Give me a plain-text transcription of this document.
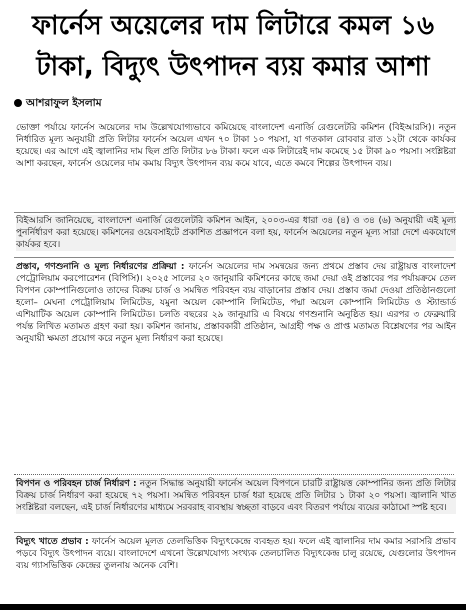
ফার্নেস অয়েলের দাম লিটারে কমল ১৬
টাকা, বিদ্যুৎ উৎপাদন ব্যয় কমার আশা
আশরাফুল ইসলাম
ভোক্তা পর্যায়ে ফার্নেস অয়েলের দাম উল্লেখযোগ্যভাবে কমিয়েছে বাংলাদেশ এনার্জি রেগুলেটরি কমিশন (বিইআরসি)। নতুন নির্ধারিত মূল্য অনুযায়ী প্রতি লিটার ফার্নেস অয়েল এখন ৭০ টাকা ১০ পয়সা, যা গতকাল রোববার রাত ১২টা থেকে কার্যকর হয়েছে। এর আগে এই জ্বালানির দাম ছিল প্রতি লিটার ৮৬ টাকা। ফলে এক লিটারেই দাম কমেছে ১৫ টাকা ৯০ পয়সা। সংশ্লিষ্টরা আশা করছেন, ফার্নেস ওয়েলের দাম কমায় বিদ্যুৎ উৎপাদন ব্যয় কমে যাবে, এতে কমবে শিল্পের উৎপাদন ব্যয়।
বিইআরসি জানিয়েছে, বাংলাদেশ এনার্জি রেগুলেটরি কমিশন আইন, ২০০৩-এর ধারা ৩৪ (৪) ও ৩৪ (৬) অনুযায়ী এই মূল্য পুনর্নির্ধারণ করা হয়েছে। কমিশনের ওয়েবসাইটে প্রকাশিত প্রজ্ঞাপনে বলা হয়, ফার্নেস অয়েলের নতুন মূল্য সারা দেশে একযোগে কার্যকর হবে।
প্রস্তাব, গণশুনানি ও মূল্য নির্ধারণের প্রক্রিয়া : ফার্নেস অয়েলের দাম সমন্বয়ের জন্য প্রথমে প্রস্তাব দেয় রাষ্ট্রায়ত্ত বাংলাদেশ পেট্রোলিয়াম করপোরেশন (বিপিসি)। ২০২৫ সালের ২০ জানুয়ারি কমিশনের কাছে জমা দেয়া ওই প্রস্তাবের পর পর্যায়ক্রমে তেল বিপণন কোম্পানিগুলোও তাদের বিক্রয় চার্জ ও সমন্বিত পরিবহন ব্যয় বাড়ানোর প্রস্তাব দেয়। প্রস্তাব জমা দেওয়া প্রতিষ্ঠানগুলো হলো– মেঘনা পেট্রোলিয়াম লিমিটেড, যমুনা অয়েল কোম্পানি লিমিটেড, পদ্মা অয়েল কোম্পানি লিমিটেড ও স্ট্যান্ডার্ড এশিয়াটিক অয়েল কোম্পানি লিমিটেড। চলতি বছরের ২৯ জানুয়ারি এ বিষয়ে গণশুনানি অনুষ্ঠিত হয়। এরপর ৩ ফেব্রুয়ারি পর্যন্ত লিখিত মতামত গ্রহণ করা হয়। কমিশন জানায়, প্রস্তাবকারী প্রতিষ্ঠান, আগ্রহী পক্ষ ও প্রাপ্ত মতামত বিশ্লেষণের পর আইন অনুযায়ী ক্ষমতা প্রয়োগ করে নতুন মূল্য নির্ধারণ করা হয়েছে।
বিপণন ও পরিবহন চার্জ নির্ধারণ : নতুন সিদ্ধান্ত অনুযায়ী ফার্নেস অয়েল বিপণনে চারটি রাষ্ট্রায়ত্ত কোম্পানির জন্য প্রতি লিটার বিক্রয় চার্জ নির্ধারণ করা হয়েছে ৭২ পয়সা। সমন্বিত পরিবহন চার্জ ধরা হয়েছে প্রতি লিটার ১ টাকা ২০ পয়সা। জ্বালানি খাত সংশ্লিষ্টরা বলছেন, এই চার্জ নির্ধারণের মাধ্যমে সরবরাহ ব্যবস্থায় স্বচ্ছতা বাড়বে এবং বিতরণ পর্যায়ে ব্যয়ের কাঠামো স্পষ্ট হবে।
বিদ্যুৎ খাতে প্রভাব : ফার্নেস অয়েল মূলত তেলভিত্তিক বিদ্যুৎকেন্দ্রে ব্যবহৃত হয়। ফলে এই জ্বালানির দাম কমার সরাসরি প্রভাব পড়বে বিদ্যুৎ উৎপাদন ব্যয়ে। বাংলাদেশে এখনো উল্লেখযোগ্য সংখ্যক তেলচালিত বিদ্যুৎকেন্দ্র চালু রয়েছে, যেগুলোর উৎপাদন ব্যয় গ্যাসভিত্তিক কেন্দ্রের তুলনায় অনেক বেশি।
